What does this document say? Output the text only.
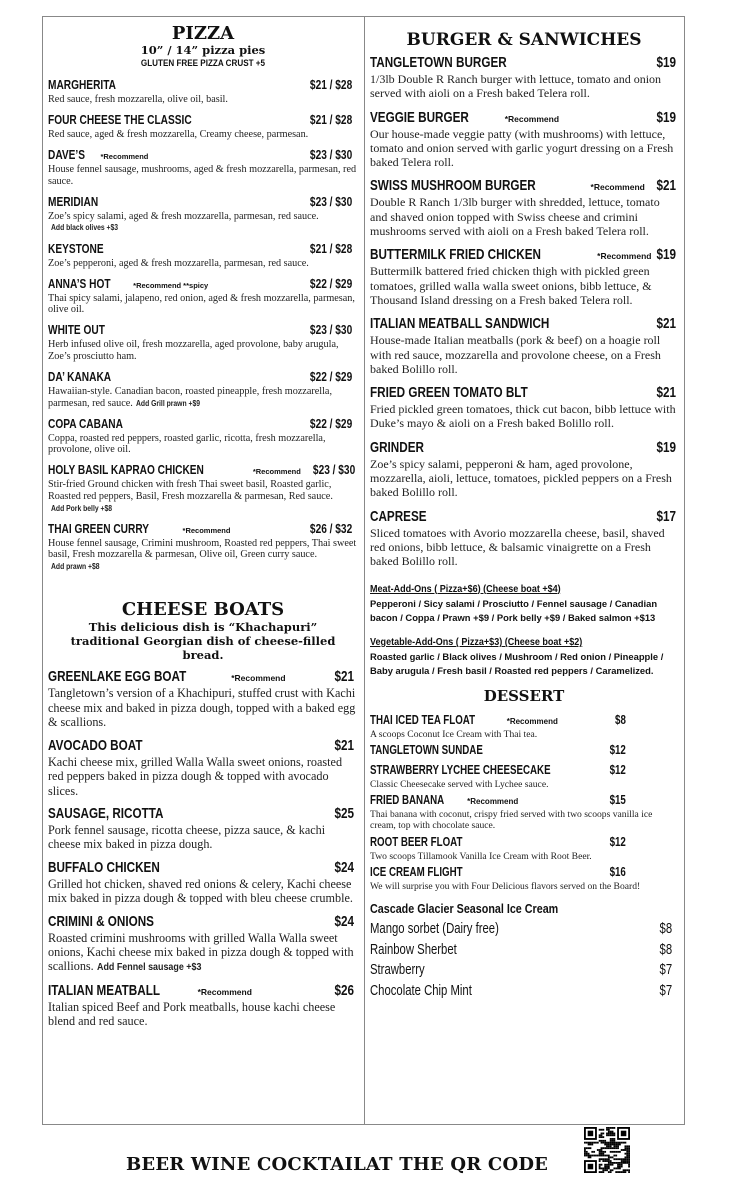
PIZZA
10” / 14” pizza pies
GLUTEN FREE PIZZA CRUST +5
MARGHERITA	$21 / $28
Red sauce, fresh mozzarella, olive oil, basil.
FOUR CHEESE THE CLASSIC	$21 / $28
Red sauce, aged & fresh mozzarella, Creamy cheese, parmesan.
DAVE’S *Recommend	$23 / $30
House fennel sausage, mushrooms, aged & fresh mozzarella, parmesan, red sauce.
MERIDIAN	$23 / $30
Zoe’s spicy salami, aged & fresh mozzarella, parmesan, red sauce.Add black olives +$3
KEYSTONE	$21 / $28
Zoe’s pepperoni, aged & fresh mozzarella, parmesan, red sauce.
ANNA’S HOT	*Recommend **spicy	$22 / $29
Thai spicy salami, jalapeno, red onion, aged & fresh mozzarella, parmesan, olive oil.
WHITE OUT	$23 / $30
Herb infused olive oil, fresh mozzarella, aged provolone, baby arugula, Zoe’s prosciutto ham.
DA’ KANAKA	$22 / $29
Hawaiian-style. Canadian bacon, roasted pineapple, fresh mozzarella, parmesan, red sauce. Add Grill prawn +$9
COPA CABANA	$22 / $29
Coppa, roasted red peppers, roasted garlic, ricotta, fresh mozzarella, provolone, olive oil.
HOLY BASIL KAPRAO CHICKEN	*Recommend $23 / $30
Stir-fried Ground chicken with fresh Thai sweet basil, Roasted garlic, Roasted red peppers, Basil, Fresh mozzarella & parmesan, Red sauce.Add Pork belly +$8
THAI GREEN CURRY	*Recommend	$26 / $32
House fennel sausage, Crimini mushroom, Roasted red peppers, Thai sweet basil, Fresh mozzarella & parmesan, Olive oil, Green curry sauce.Add prawn +$8
CHEESE BOATS
This delicious dish is “Khachapuri” traditional Georgian dish of cheese-filled bread.
GREENLAKE EGG BOAT	*Recommend	$21
Tangletown’s version of a Khachipuri, stuffed crust with Kachi cheese mix and baked in pizza dough, topped with a baked egg & scallions.
AVOCADO BOAT	$21
Kachi cheese mix, grilled Walla Walla sweet onions, roasted red peppers baked in pizza dough & topped with avocado slices.
SAUSAGE, RICOTTA	$25
Pork fennel sausage, ricotta cheese, pizza sauce, & kachi cheese mix baked in pizza dough.
BUFFALO CHICKEN	$24
Grilled hot chicken, shaved red onions & celery, Kachi cheese mix baked in pizza dough & topped with bleu cheese crumble.
CRIMINI & ONIONS	$24
Roasted crimini mushrooms with grilled Walla Walla sweet onions, Kachi cheese mix baked in pizza dough & topped with scallions. Add Fennel sausage +$3
ITALIAN MEATBALL	*Recommend	$26
Italian spiced Beef and Pork meatballs, house kachi cheese blend and red sauce.
BURGER & SANWICHES
TANGLETOWN BURGER	$19
1/3lb Double R Ranch burger with lettuce, tomato and onion served with aioli on a Fresh baked Telera roll.
VEGGIE BURGER	*Recommend	$19
Our house-made veggie patty (with mushrooms) with lettuce, tomato and onion served with garlic yogurt dressing on a Fresh baked Telera roll.
SWISS MUSHROOM BURGER	*Recommend $21
Double R Ranch 1/3lb burger with shredded, lettuce, tomato and shaved onion topped with Swiss cheese and crimini mushrooms served with aioli on a Fresh baked Telera roll.
BUTTERMILK FRIED CHICKEN	*Recommend $19
Buttermilk battered fried chicken thigh with pickled green tomatoes, grilled walla walla sweet onions, bibb lettuce, & Thousand Island dressing on a Fresh baked Telera roll.
ITALIAN MEATBALL SANDWICH	$21
House-made Italian meatballs (pork & beef) on a hoagie roll with red sauce, mozzarella and provolone cheese, on a Fresh baked Bolillo roll.
FRIED GREEN TOMATO BLT	$21
Fried pickled green tomatoes, thick cut bacon, bibb lettuce with Duke’s mayo & aioli on a Fresh baked Bolillo roll.
GRINDER	$19
Zoe’s spicy salami, pepperoni & ham, aged provolone, mozzarella, aioli, lettuce, tomatoes, pickled peppers on a Fresh baked Bolillo roll.
CAPRESE	$17
Sliced tomatoes with Avorio mozzarella cheese, basil, shaved red onions, bibb lettuce, & balsamic vinaigrette on a Fresh baked Bolillo roll.
Meat-Add-Ons ( Pizza+$6) (Cheese boat +$4)
Pepperoni / Sicy salami / Prosciutto / Fennel sausage / Canadian bacon / Coppa / Prawn +$9 / Pork belly +$9 / Baked salmon +$13
Vegetable-Add-Ons ( Pizza+$3) (Cheese boat +$2)
Roasted garlic / Black olives / Mushroom / Red onion / Pineapple / Baby arugula / Fresh basil / Roasted red peppers / Caramelized.
DESSERT
THAI ICED TEA FLOAT	*Recommend	$8
A scoops Coconut Ice Cream with Thai tea.
TANGLETOWN SUNDAE	$12
STRAWBERRY LYCHEE CHEESECAKE	$12
Classic Cheesecake served with Lychee sauce.
FRIED BANANA	*Recommend	$15
Thai banana with coconut, crispy fried served with two scoops vanilla ice cream, top with chocolate sauce.
ROOT BEER FLOAT	$12
Two scoops Tillamook Vanilla Ice Cream with Root Beer.
ICE CREAM FLIGHT	$16
We will surprise you with Four Delicious flavors served on the Board!
Cascade Glacier Seasonal Ice Cream
Mango sorbet (Dairy free)	$8
Rainbow Sherbet	$8
Strawberry	$7
Chocolate Chip Mint	$7
BEER WINE COCKTAILAT THE QR CODE
